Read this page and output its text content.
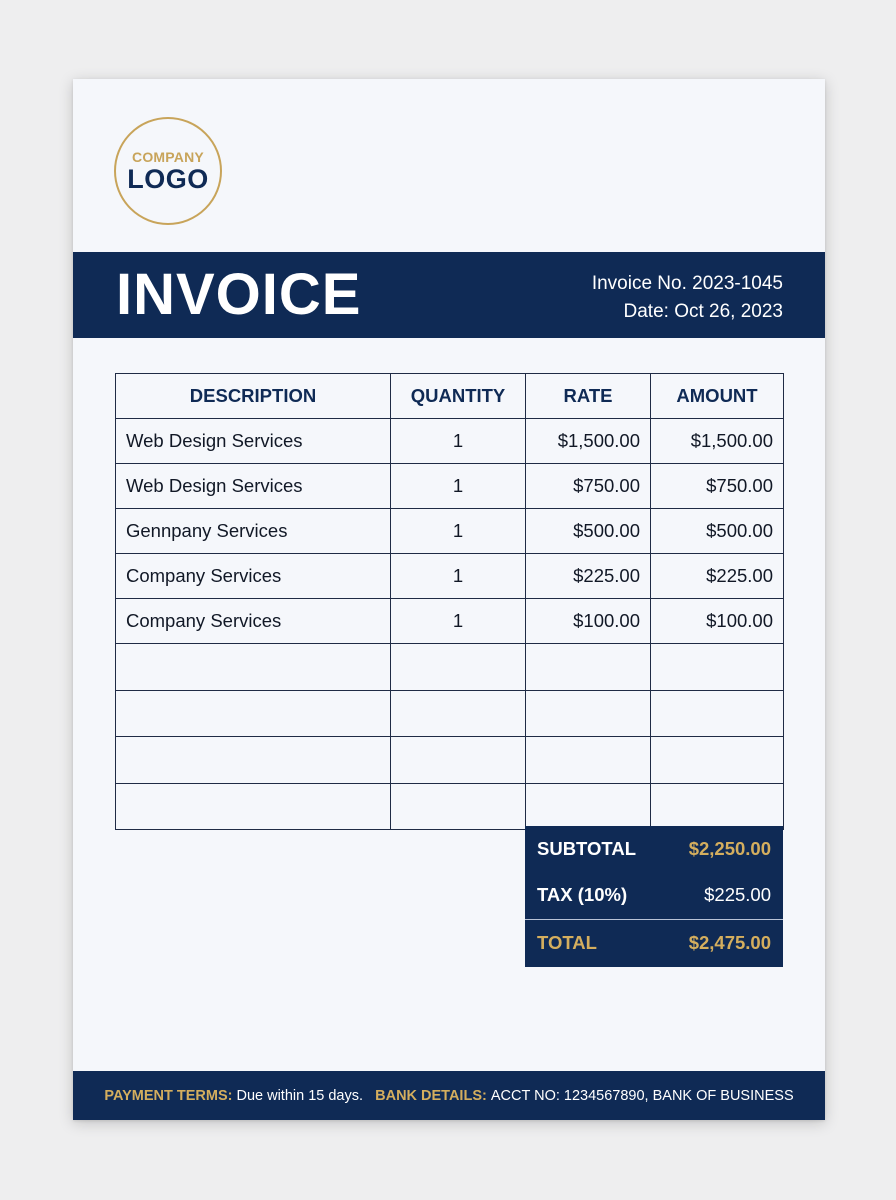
COMPANY
LOGO
INVOICE	Invoice No. 2023-1045
Date: Oct 26, 2023
DESCRIPTION	QUANTITY	RATE	AMOUNT
Web Design Services	1	$1,500.00	$1,500.00
Web Design Services	1	$750.00	$750.00
Gennpany Services	1	$500.00	$500.00
Company Services	1	$225.00	$225.00
Company Services	1	$100.00	$100.00

SUBTOTAL	$2,250.00
TAX (10%)	$225.00
TOTAL	$2,475.00
PAYMENT TERMS:
Due within 15 days.
BANK DETAILS:
ACCT NO: 1234567890, BANK OF BUSINESS
